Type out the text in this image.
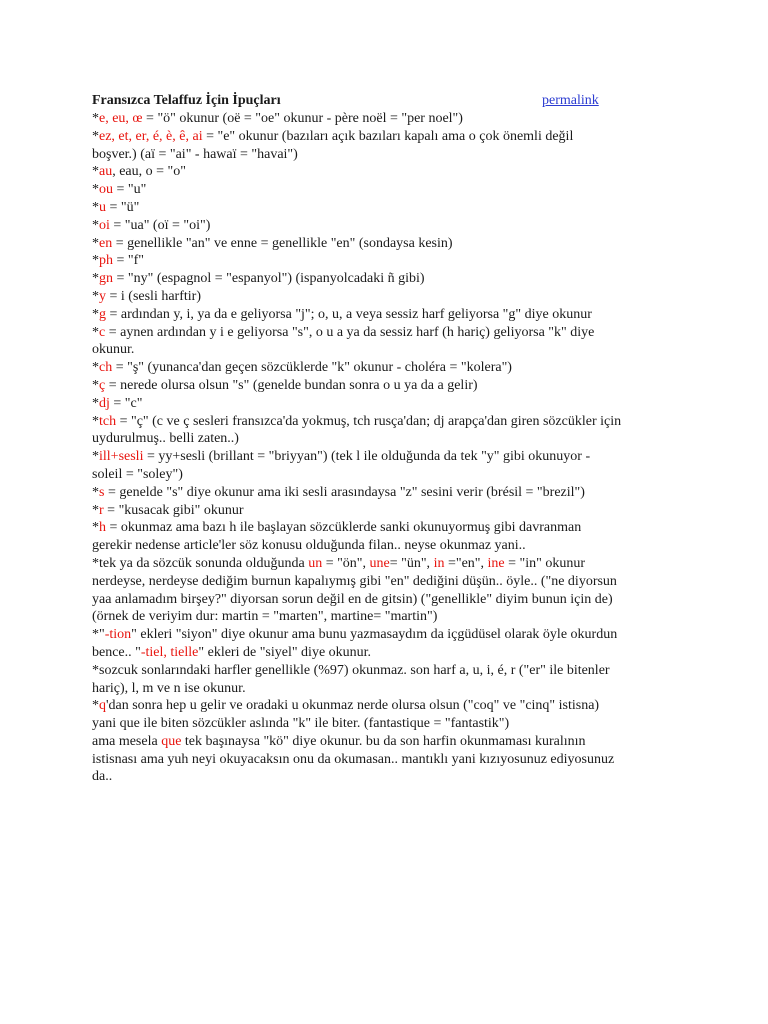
Fransızca Telaffuz İçin İpuçları	permalink
*e, eu, œ = "ö" okunur (oë = "oe" okunur - père noël = "per noel")
*ez, et, er, é, è, ê, ai = "e" okunur (bazıları açık bazıları kapalı ama o çok önemli değil
boşver.) (aï = "ai" - hawaï = "havai")
*au, eau, o = "o"
*ou = "u"
*u = "ü"
*oi = "ua" (oï = "oi")
*en = genellikle "an" ve enne = genellikle "en" (sondaysa kesin)
*ph = "f"
*gn = "ny" (espagnol = "espanyol") (ispanyolcadaki ñ gibi)
*y = i (sesli harftir)
*g = ardından y, i, ya da e geliyorsa "j"; o, u, a veya sessiz harf geliyorsa "g" diye okunur
*c = aynen ardından y i e geliyorsa "s", o u a ya da sessiz harf (h hariç) geliyorsa "k" diye
okunur.
*ch = "ş" (yunanca'dan geçen sözcüklerde "k" okunur - choléra = "kolera")
*ç = nerede olursa olsun "s" (genelde bundan sonra o u ya da a gelir)
*dj = "c"
*tch = "ç" (c ve ç sesleri fransızca'da yokmuş, tch rusça'dan; dj arapça'dan giren sözcükler için
uydurulmuş.. belli zaten..)
*ill+sesli = yy+sesli (brillant = "briyyan") (tek l ile olduğunda da tek "y" gibi okunuyor -
soleil = "soley")
*s = genelde "s" diye okunur ama iki sesli arasındaysa "z" sesini verir (brésil = "brezil")
*r = "kusacak gibi" okunur
*h = okunmaz ama bazı h ile başlayan sözcüklerde sanki okunuyormuş gibi davranman
gerekir nedense article'ler söz konusu olduğunda filan.. neyse okunmaz yani..
*tek ya da sözcük sonunda olduğunda un = "ön", une= "ün", in ="en", ine = "in" okunur
nerdeyse, nerdeyse dediğim burnun kapalıymış gibi "en" dediğini düşün.. öyle.. ("ne diyorsun
yaa anlamadım birşey?" diyorsan sorun değil en de gitsin) ("genellikle" diyim bunun için de)
(örnek de veriyim dur: martin = "marten", martine= "martin")
*"-tion" ekleri "siyon" diye okunur ama bunu yazmasaydım da içgüdüsel olarak öyle okurdun
bence.. "-tiel, tielle" ekleri de "siyel" diye okunur.
*sozcuk sonlarındaki harfler genellikle (%97) okunmaz. son harf a, u, i, é, r ("er" ile bitenler
hariç), l, m ve n ise okunur.
*q'dan sonra hep u gelir ve oradaki u okunmaz nerde olursa olsun ("coq" ve "cinq" istisna)
yani que ile biten sözcükler aslında "k" ile biter. (fantastique = "fantastik")
ama mesela que tek başınaysa "kö" diye okunur. bu da son harfin okunmaması kuralının
istisnası ama yuh neyi okuyacaksın onu da okumasan.. mantıklı yani kızıyosunuz ediyosunuz
da..
